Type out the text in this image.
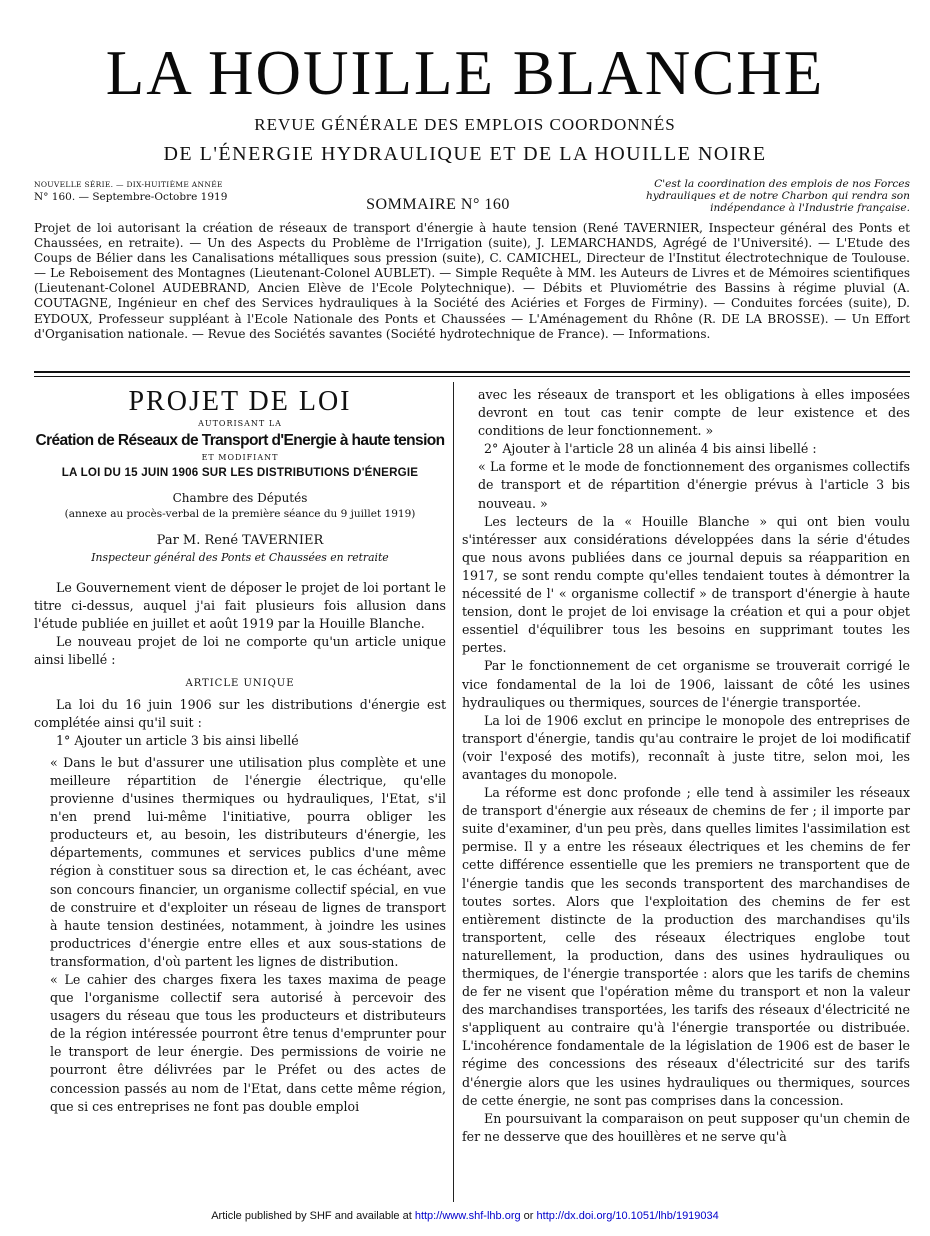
LA HOUILLE BLANCHE
REVUE GÉNÉRALE DES EMPLOIS COORDONNÉS
DE L'ÉNERGIE HYDRAULIQUE ET DE LA HOUILLE NOIRE
NOUVELLE SÉRIE. — DIX-HUITIÈME ANNÉE
N° 160. — Septembre-Octobre 1919	SOMMAIRE N° 160
C'est la coordination des emplois de nos Forces hydrauliques et de notre Charbon qui rendra son indépendance à l'Industrie française.
Projet de loi autorisant la création de réseaux de transport d'énergie à haute tension (René TAVERNIER, Inspecteur général des Ponts et Chaussées, en retraite). — Un des Aspects du Problème de l'Irrigation (suite), J. LEMARCHANDS, Agrégé de l'Université). — L'Etude des Coups de Bélier dans les Canalisations métalliques sous pression (suite), C. CAMICHEL, Directeur de l'Institut électrotechnique de Toulouse. — Le Reboisement des Montagnes (Lieutenant-Colonel AUBLET). — Simple Requête à MM. les Auteurs de Livres et de Mémoires scientifiques (Lieutenant-Colonel AUDEBRAND, Ancien Elève de l'Ecole Polytechnique). — Débits et Pluviométrie des Bassins à régime pluvial (A. COUTAGNE, Ingénieur en chef des Services hydrauliques à la Société des Aciéries et Forges de Firminy). — Conduites forcées (suite), D. EYDOUX, Professeur suppléant à l'Ecole Nationale des Ponts et Chaussées — L'Aménagement du Rhône (R. DE LA BROSSE). — Un Effort d'Organisation nationale. — Revue des Sociétés savantes (Société hydrotechnique de France). — Informations.
PROJET DE LOI
AUTORISANT LA
Création de Réseaux de Transport d'Energie à haute tension
ET MODIFIANT
LA LOI DU 15 JUIN 1906 SUR LES DISTRIBUTIONS D'ÉNERGIE
Chambre des Députés
(annexe au procès-verbal de la première séance du 9 juillet 1919)
Par M. René TAVERNIER
Inspecteur général des Ponts et Chaussées en retraite

Le Gouvernement vient de déposer le projet de loi portant le titre ci-dessus, auquel j'ai fait plusieurs fois allusion dans l'étude publiée en juillet et août 1919 par la Houille Blanche.

Le nouveau projet de loi ne comporte qu'un article unique ainsi libellé :

ARTICLE UNIQUE

La loi du 16 juin 1906 sur les distributions d'énergie est complétée ainsi qu'il suit :

1° Ajouter un article 3 bis ainsi libellé

« Dans le but d'assurer une utilisation plus complète et une meilleure répartition de l'énergie électrique, qu'elle provienne d'usines thermiques ou hydrauliques, l'Etat, s'il n'en prend lui-même l'initiative, pourra obliger les producteurs et, au besoin, les distributeurs d'énergie, les départements, communes et services publics d'une même région à constituer sous sa direction et, le cas échéant, avec son concours financier, un organisme collectif spécial, en vue de construire et d'exploiter un réseau de lignes de transport à haute tension destinées, notamment, à joindre les usines productrices d'énergie entre elles et aux sous-stations de transformation, d'où partent les lignes de distribution.

« Le cahier des charges fixera les taxes maxima de peage que l'organisme collectif sera autorisé à percevoir des usagers du réseau que tous les producteurs et distributeurs de la région intéressée pourront être tenus d'emprunter pour le transport de leur énergie. Des permissions de voirie ne pourront être délivrées par le Préfet ou des actes de concession passés au nom de l'Etat, dans cette même région, que si ces entreprises ne font pas double emploi

avec les réseaux de transport et les obligations à elles imposées devront en tout cas tenir compte de leur existence et des conditions de leur fonctionnement. »

2° Ajouter à l'article 28 un alinéa 4 bis ainsi libellé :

« La forme et le mode de fonctionnement des organismes collectifs de transport et de répartition d'énergie prévus à l'article 3 bis nouveau. »

Les lecteurs de la « Houille Blanche » qui ont bien voulu s'intéresser aux considérations développées dans la série d'études que nous avons publiées dans ce journal depuis sa réapparition en 1917, se sont rendu compte qu'elles tendaient toutes à démontrer la nécessité de l' « organisme collectif » de transport d'énergie à haute tension, dont le projet de loi envisage la création et qui a pour objet essentiel d'équilibrer tous les besoins en supprimant toutes les pertes.

Par le fonctionnement de cet organisme se trouverait corrigé le vice fondamental de la loi de 1906, laissant de côté les usines hydrauliques ou thermiques, sources de l'énergie transportée.

La loi de 1906 exclut en principe le monopole des entreprises de transport d'énergie, tandis qu'au contraire le projet de loi modificatif (voir l'exposé des motifs), reconnaît à juste titre, selon moi, les avantages du monopole.

La réforme est donc profonde ; elle tend à assimiler les réseaux de transport d'énergie aux réseaux de chemins de fer ; il importe par suite d'examiner, d'un peu près, dans quelles limites l'assimilation est permise. Il y a entre les réseaux électriques et les chemins de fer cette différence essentielle que les premiers ne transportent que de l'énergie tandis que les seconds transportent des marchandises de toutes sortes. Alors que l'exploitation des chemins de fer est entièrement distincte de la production des marchandises qu'ils transportent, celle des réseaux électriques englobe tout naturellement, la production, dans des usines hydrauliques ou thermiques, de l'énergie transportée : alors que les tarifs de chemins de fer ne visent que l'opération même du transport et non la valeur des marchandises transportées, les tarifs des réseaux d'électricité ne s'appliquent au contraire qu'à l'énergie transportée ou distribuée. L'incohérence fondamentale de la législation de 1906 est de baser le régime des concessions des réseaux d'électricité sur des tarifs d'énergie alors que les usines hydrauliques ou thermiques, sources de cette énergie, ne sont pas comprises dans la concession.

En poursuivant la comparaison on peut supposer qu'un chemin de fer ne desserve que des houillères et ne serve qu'à

Article published by SHF and available at http://www.shf-lhb.org or http://dx.doi.org/10.1051/lhb/1919034
